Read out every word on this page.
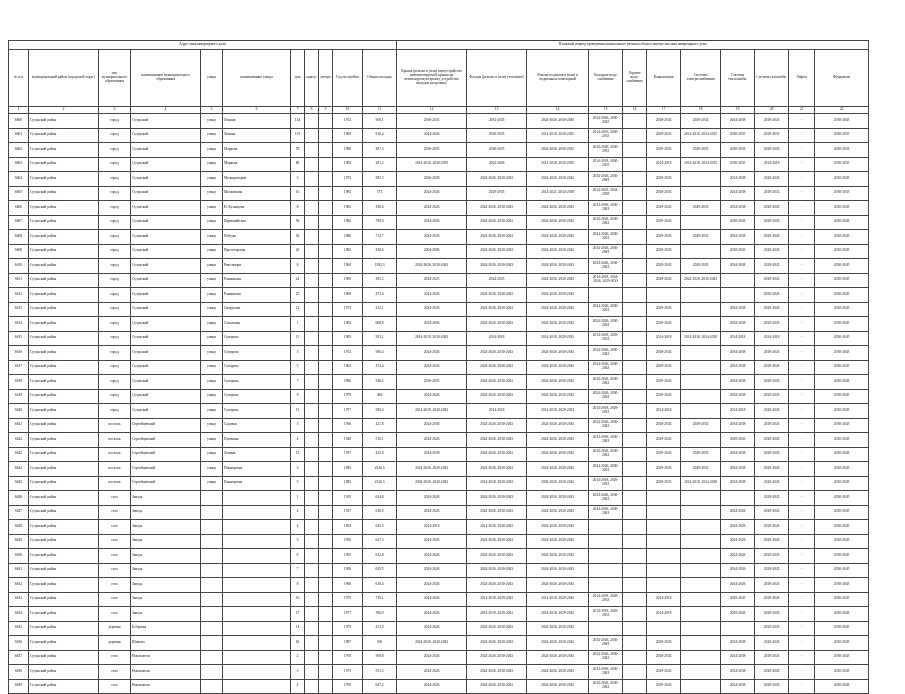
Адрес многоквартирного дома											Плановый период проведения капитального ремонта общего имущества многоквартирного дома										
№ п/п	муниципальный район (городской округ)	тип муниципального образования	наименование муниципального образования	улица	наименование улицы	дом	корпус	литера	Год постройки	Общая площадь	Крыша (ремонт и (или) переустройство невентилируемой крыши на вентилируемую крышу, устройство выходов на кровлю)	Фасады (ремонт и (или) утепление)	Ремонт подвалов и (или) и подвальных помещений	Холодное водо-снабжение	Горячее водо-снабжение	Канализация	Системы электроснабжения	Система теплоснабж.	Система газоснабж.	Лифты	Фундамент
1	2	3	4	5	6	7	8	9	10	11	12	13	14	15	16	17	18	19	20	21	22
6600	Сузунский район	город	Сузунский	улица	Ленина	134			1972	508,1	2030-2035	2033-2045	2024-2026, 2030-2045	2024-2026, 2030-2045		2029-2043	2029-2034	2024-2038	2029-2043	-	2030-2045
6601	Сузунский район	город	Сузунский	улица	Ленина	133			1984	916,4	2024-2026	2030-2035	2014-2018, 2030-2035	2014-2016, 2030-2035		2029-2033	2014-2018, 2034-2035	2030-2035	2029-2033	-	2030-2035
6602	Сузунский район	город	Сузунский	улица	Маркова	78			1980	287,3	2030-2035	2030-2035	2024-2026, 2030-2035	2024-2026, 2030-2035		2029-2033	2029-2035	2030-2035	2029-2043	-	2030-2035
6603	Сузунский район	город	Сузунский	улица	Маркова	80			1982	281,2	2014-2018, 2030-2035	2024-2026	2014-2018, 2030-2035	2014-2018, 2030-2035		2014-2018	2014-2018, 2034-2035	2030-2035	2014-2018	-	2030-2035
6604	Сузунский район	город	Сузунский	улица	Мелиораторов	3			1973	585,5	2026-2028	2024-2026, 2030-2043	2024-2026, 2030-2043	2024-2026, 2030-2043		2029-2043		2014-2038	2029-2043	-	2030-2045
6605	Сузунский район	город	Сузунский	улица	Московская	16			1983	573	2024-2026	2029-2035	2014-2021, 2034-2038	2014-2025, 2034-2038		2029-2033		2024-2038	2029-2033	-	2030-2035
6606	Сузунский район	город	Сузунский	улица	Н. Кузнецова	8			1963	356,6	2024-2026	2024-2026, 2030-2043	2024-2026, 2030-2043	2024-2026, 2030-2043		2029-2043	2029-2033	2034-2038	2029-2043	-	2030-2045
6607	Сузунский район	город	Сузунский	улица	Первомайская	56			1982	798,9	2034-2036	2024-2026, 2030-2043	2024-2026, 2030-2043	2024-2026, 2030-2043		2029-2043		2030-2043	2029-2043	-	2030-2045
6608	Сузунский район	город	Сузунский	улица	Победы	36			1986	714,7	2034-2036	2024-2026, 2030-2043	2024-2026, 2030-2043	2024-2026, 2030-2043		2029-2043	2029-2033	2034-2038	2029-2043	-	2030-2045
6609	Сузунский район	город	Сузунский	улица	Пролетарская	26			1982	358,6	2004-2006	2024-2026, 2030-2043	2024-2026, 2030-2043	2024-2026, 2030-2043		2029-2043		2030-2043	2029-2043	-	2030-2045
6610	Сузунский район	город	Сузунский	улица	Революции	8			1984	1382,3	2024-2026, 2030-2043	2024-2026, 2030-2043	2024-2026, 2030-2043	2024-2026, 2030-2043		2029-2043	2029-2033	2034-2038	2029-2043	-	2030-2045
6611	Сузунский район	город	Сузунский	улица	Ромашкова	24			1969	385,2	2024-2025	2024-2025	2024-2026, 2030-2043	2014-2018, 2024-2026, 2029-2033		2029-2043	2024-2026, 2030-2043		2029-2043	-	2030-2045
6612	Сузунский район	город	Сузунский	улица	Ромашкова	25			1960	473,6	2024-2026	2024-2026, 2030-2043	2024-2026, 2030-2043						2030-2045	-	2030-2045
6613	Сузунский район	город	Сузунский	улица	Свердлова	12			1974	332,1	2034-2036	2024-2026, 2030-2043	2024-2026, 2030-2043	2024-2026, 2030-2043		2029-2043		2034-2038	2029-2043	-	2030-2045
6614	Сузунский район	город	Сузунский	улица	Соколовая	1			1962	608,8	2034-2036	2024-2026, 2030-2043	2024-2026, 2030-2043	2024-2026, 2030-2043		2029-2043		2034-2038	2029-2043	-	2030-2045
6615	Сузунский район	город	Сузунский	улица	Суворова	11			1983	503,1	2014-2018, 2030-2043	2014-2018	2014-2018, 2029-2033	2014-2018, 2029-2033		2014-2018	2014-2018, 2034-2038	2014-2018	2014-2018	-	2030-2045
6616	Сузунский район	город	Сузунский	улица	Суворова	3			1972	586,4	2024-2026	2024-2026, 2030-2043	2024-2026, 2030-2043	2024-2026, 2030-2043		2029-2043		2034-2038	2029-2043	-	2030-2045
6617	Сузунский район	город	Сузунский	улица	Суворова	5			1962	474,4	2034-2036	2024-2026, 2030-2043	2024-2026, 2030-2043	2024-2026, 2030-2043		2029-2043		2034-2038	2029-2043	-	2030-2045
6618	Сузунский район	город	Сузунский	улица	Суворова	7			1966	546,2	2030-2035	2024-2026, 2030-2043	2024-2026, 2030-2043	2024-2026, 2030-2043		2029-2043		2034-2038	2029-2043	-	2030-2045
6619	Сузунский район	город	Сузунский	улица	Суворова	9			1979	482	2024-2026	2024-2026, 2030-2043	2024-2026, 2030-2043	2024-2026, 2030-2043		2029-2043		2034-2038	2029-2043	-	2030-2045
6620	Сузунский район	город	Сузунский	улица	Суворова	15			1977	580,4	2014-2018, 2030-2043	2014-2018	2014-2018, 2029-2033	2014-2018, 2029-2033		2014-2018		2014-2018	2029-2043	-	2030-2045
6621	Сузунский район	поселок	Сергейцевский	улица	Садовая	3			1936	421,8	2024-2030	2024-2026, 2030-2043	2024-2026, 2030-2043	2024-2026, 2030-2043		2029-2043	2029-2033	2034-2038	2029-2043	-	2030-2045
6622	Сузунский район	поселок	Сергейцевский	улица	Пушкина	4			1940	510,1	2024-2026	2024-2026, 2030-2043	2024-2026, 2030-2043	2024-2026, 2030-2043		2029-2043		2029-2043	2029-2043	-	2030-2045
6623	Сузунский район	поселок	Сергейцевский	улица	Ленина	12			1957	423,8	2034-2038	2024-2026, 2030-2043	2024-2026, 2030-2043	2024-2026, 2030-2043		2029-2043	2029-2033	2034-2038	2029-2043	-	2030-2045
6624	Сузунский район	поселок	Сергейцевский	улица	Пионерская	3			1983	2520,3	2024-2026, 2029-2043	2024-2026, 2030-2043	2024-2026, 2030-2043	2024-2026, 2030-2043		2029-2043	2029-2033	2034-2038	2029-2043	-	2030-2045
6625	Сузунский район	поселок	Сергейцевский	улица	Пионерская	5			1983	2520,3	2004-2026, 2030-2043	2014-2018, 2030-2043	2004-2026, 2030-2043	2014-2018, 2029-2033		2029-2033	2014-2018, 2034-2038	2024-2038	2029-2043	-	2030-2045
6626	Сузунский район	село	Заводь			1			1935	634,8	2024-2026	2024-2026, 2030-2043	2024-2026, 2030-2043	2024-2026, 2030-2043					2029-2043	-	2030-2045
6627	Сузунский район	село	Заводь			2			1937	636,9	2024-2026	2024-2026, 2030-2043	2024-2026, 2030-2043	2024-2026, 2030-2043				2024-2026	2029-2043	-	2030-2045
6628	Сузунский район	село	Заводь			4			1954	645,5	2014-2018	2014-2026, 2030-2043	2024-2026, 2030-2043					2024-2026	2029-2043	-	2030-2045
6629	Сузунский район	село	Заводь			5			1956	627,3	2024-2026	2024-2026, 2030-2043	2024-2026, 2030-2043					2024-2026	2029-2043	-	2030-2045
6630	Сузунский район	село	Заводь			6			1955	632,8	2024-2026	2024-2026, 2030-2043	2024-2026, 2030-2043					2024-2026	2029-2043	-	2030-2045
6631	Сузунский район	село	Заводь			7			1958	629,5	2024-2026	2024-2026, 2030-2043	2024-2026, 2030-2043					2024-2026	2029-2043	-	2030-2045
6632	Сузунский район	село	Заводь			8			1960	618,4	2024-2026	2024-2026, 2030-2043	2024-2026, 2030-2043					2024-2026	2029-2043	-	2030-2045
6633	Сузунский район	село	Заводь			16			1975	739,1	2024-2026	2014-2018, 2029-2043	2014-2018, 2029-2043	2014-2018, 2029-2033		2014-2018		2029-2043	2029-2043	-	2030-2045
6634	Сузунский район	село	Заводь			17			1977	706,9	2024-2026	2014-2018, 2029-2043	2014-2018, 2029-2043	2014-2018, 2029-2033		2014-2018		2029-2043	2029-2043	-	2030-2045
6635	Сузунский район	деревня	Бобровка			14			1975	413,9	2024-2026	2024-2026, 2030-2043	2024-2026, 2030-2043						2029-2043	-	2030-2045
6636	Сузунский район	деревня	Шипово			63			1987	506	2024-2026, 2030-2043	2024-2026, 2030-2043	2024-2026, 2030-2043	2024-2026, 2030-2043		2029-2043		2024-2038	2029-2043	-	2030-2045
6637	Сузунский район	село	Новоключи			2			1970	569,8	2024-2026	2024-2026, 2030-2043	2024-2026, 2030-2043	2024-2026, 2030-2043		2029-2043		2024-2038	2029-2043	-	2030-2045
6638	Сузунский район	село	Новоключи			3			1973	551,5	2024-2026	2024-2026, 2030-2043	2024-2026, 2030-2043	2024-2026, 2030-2043		2029-2043		2024-2038	2029-2043	-	2030-2045
6639	Сузунский район	село	Новоключи			4			1970	647,2	2024-2026	2024-2026, 2030-2043	2024-2026, 2030-2043	2024-2026, 2030-2043		2029-2043		2024-2038	2029-2043	-	2030-2045
